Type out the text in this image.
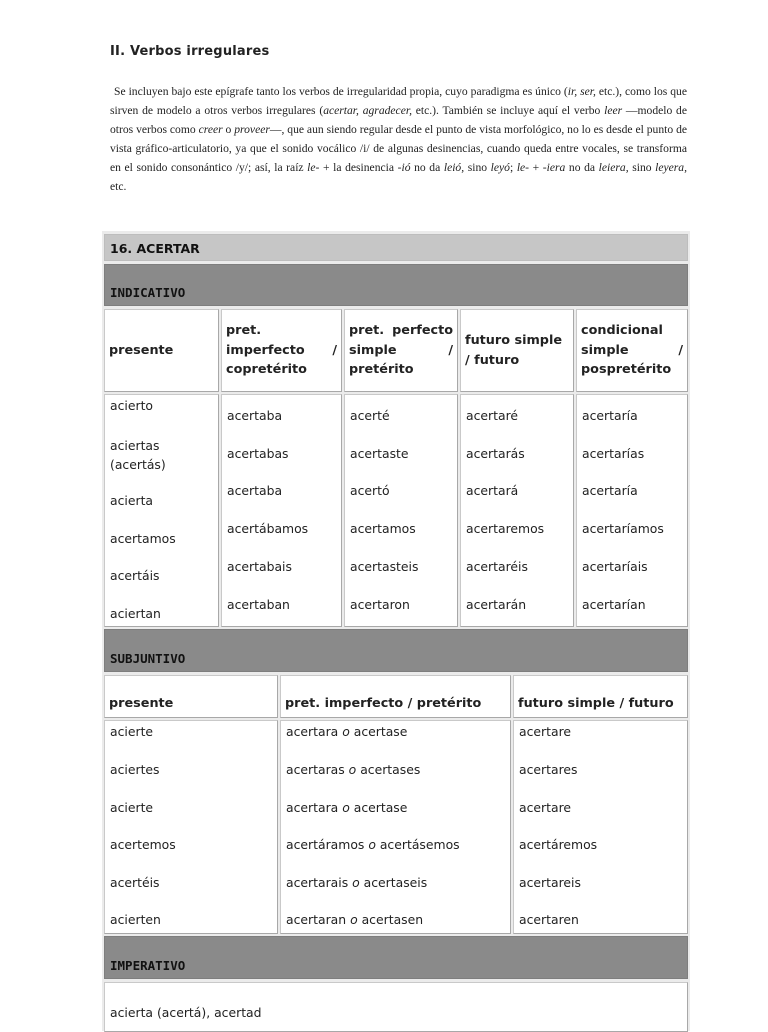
II. Verbos irregulares

Se incluyen bajo este epígrafe tanto los verbos de irregularidad propia, cuyo paradigma es único (ir, ser, etc.), como los que sirven de modelo a otros verbos irregulares (acertar, agradecer, etc.). También se incluye aquí el verbo leer —modelo de otros verbos como creer o proveer—, que aun siendo regular desde el punto de vista morfológico, no lo es desde el punto de vista gráfico-articulatorio, ya que el sonido vocálico /i/ de algunas desinencias, cuando queda entre vocales, se transforma en el sonido consonántico /y/; así, la raíz le- + la desinencia -ió no da leió, sino leyó; le- + -iera no da leiera, sino leyera, etc.

16. ACERTAR
INDICATIVO
SUBJUNTIVO
IMPERATIVO
presente
pret. imperfecto / copretérito
pret. perfecto simple / pretérito
futuro simple / futuro
condicional simple / pospretérito
acierto
aciertas (acertás)
acierta
acertamos
acertáis
aciertan
acertaba
acertabas
acertaba
acertábamos
acertabais
acertaban
acerté
acertaste
acertó
acertamos
acertasteis
acertaron
acertaré
acertarás
acertará
acertaremos
acertaréis
acertarán
acertaría
acertarías
acertaría
acertaríamos
acertaríais
acertarían
presente	pret. imperfecto / pretérito	futuro simple / futuro
acierte
aciertes
acierte
acertemos
acertéis
acierten
acertara o acertase
acertaras o acertases
acertara o acertase
acertáramos o acertásemos
acertarais o acertaseis
acertaran o acertasen
acertare
acertares
acertare
acertáremos
acertareis
acertaren
acierta (acertá), acertad
